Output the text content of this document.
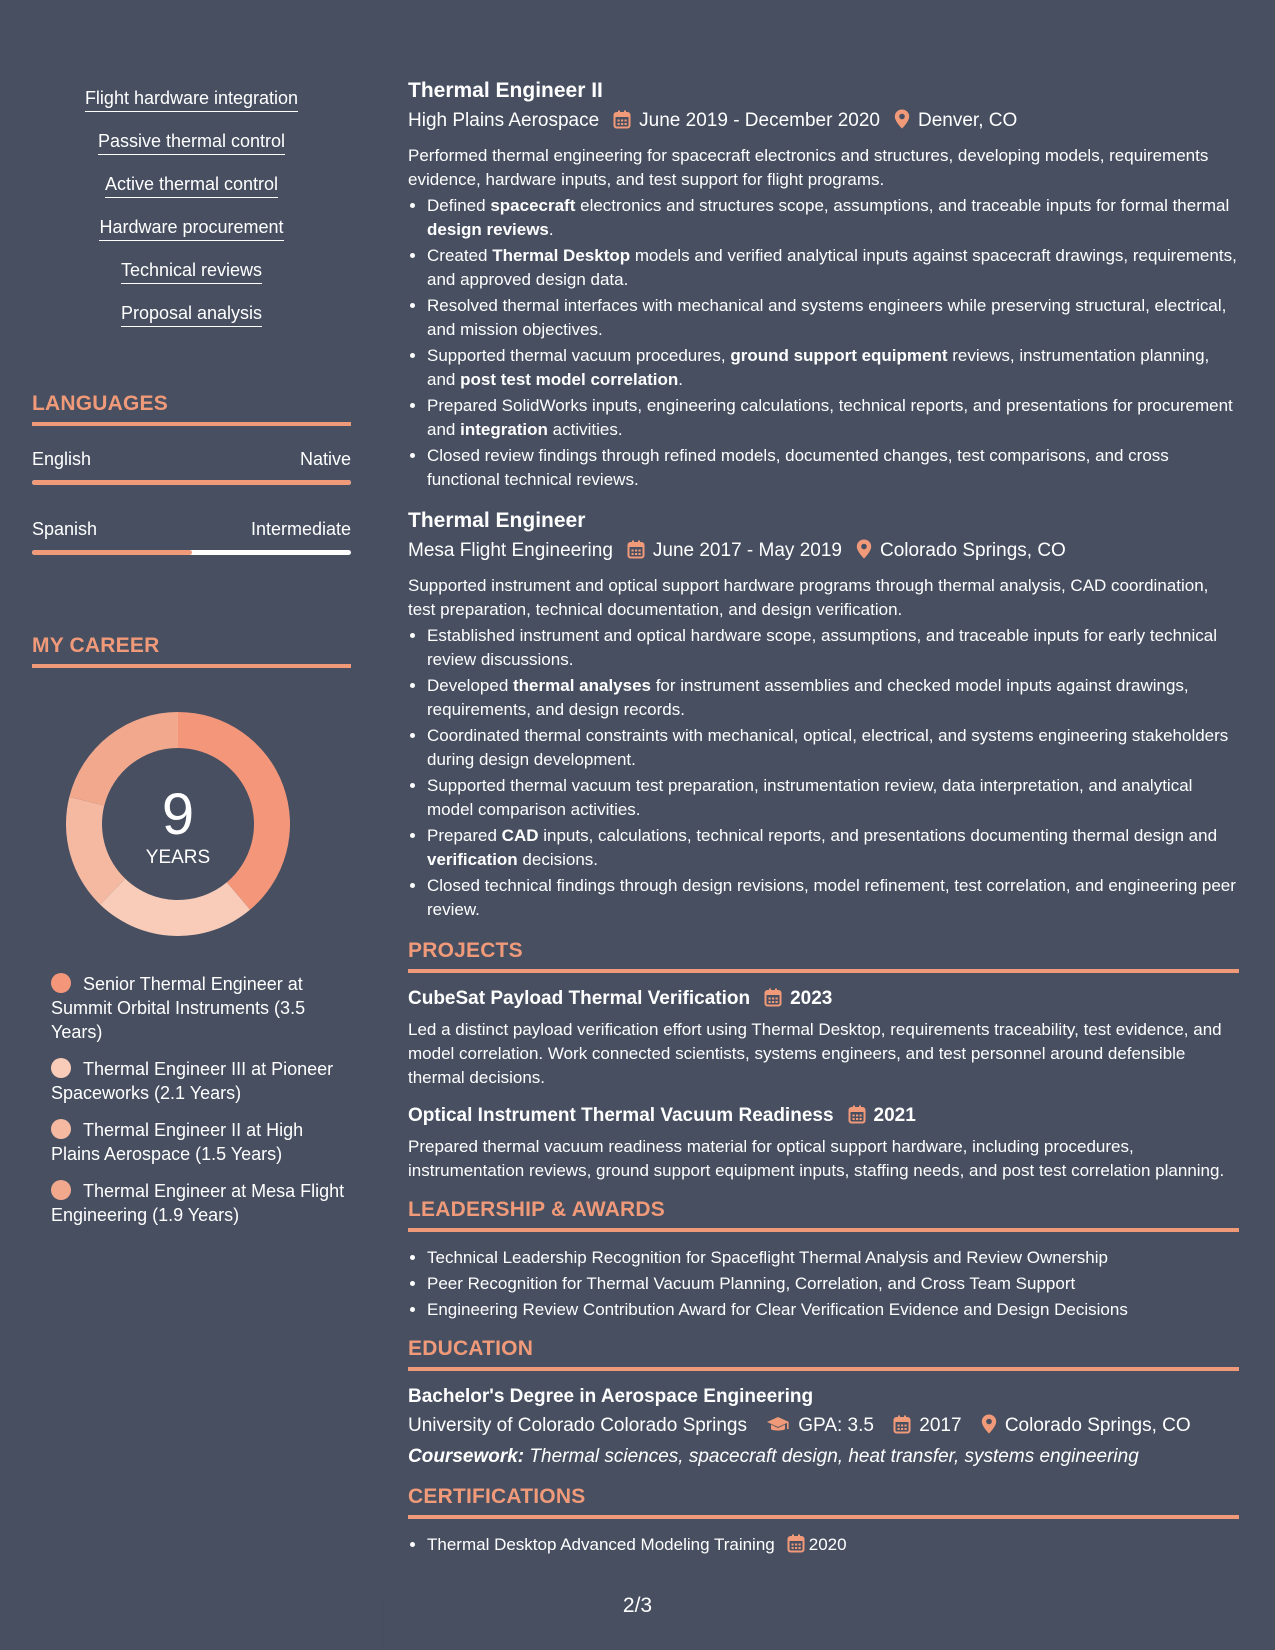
Flight hardware integration
Passive thermal control
Active thermal control
Hardware procurement
Technical reviews
Proposal analysis
LANGUAGES
English	Native
Spanish	Intermediate
MY CAREER
9
YEARS
Senior Thermal Engineer at Summit Orbital Instruments (3.5 Years)
Thermal Engineer III at Pioneer Spaceworks (2.1 Years)
Thermal Engineer II at High Plains Aerospace (1.5 Years)
Thermal Engineer at Mesa Flight Engineering (1.9 Years)
Thermal Engineer II
High Plains Aerospace June 2019 - December 2020 Denver, CO
Performed thermal engineering for spacecraft electronics and structures, developing models, requirements evidence, hardware inputs, and test support for flight programs.
• Defined spacecraft electronics and structures scope, assumptions, and traceable inputs for formal thermal design reviews.
• Created Thermal Desktop models and verified analytical inputs against spacecraft drawings, requirements, and approved design data.
• Resolved thermal interfaces with mechanical and systems engineers while preserving structural, electrical, and mission objectives.
• Supported thermal vacuum procedures, ground support equipment reviews, instrumentation planning, and post test model correlation.
• Prepared SolidWorks inputs, engineering calculations, technical reports, and presentations for procurement and integration activities.
• Closed review findings through refined models, documented changes, test comparisons, and cross functional technical reviews.
Thermal Engineer
Mesa Flight Engineering June 2017 - May 2019 Colorado Springs, CO
Supported instrument and optical support hardware programs through thermal analysis, CAD coordination, test preparation, technical documentation, and design verification.
• Established instrument and optical hardware scope, assumptions, and traceable inputs for early technical review discussions.
• Developed thermal analyses for instrument assemblies and checked model inputs against drawings, requirements, and design records.
• Coordinated thermal constraints with mechanical, optical, electrical, and systems engineering stakeholders during design development.
• Supported thermal vacuum test preparation, instrumentation review, data interpretation, and analytical model comparison activities.
• Prepared CAD inputs, calculations, technical reports, and presentations documenting thermal design and verification decisions.
• Closed technical findings through design revisions, model refinement, test correlation, and engineering peer review.
PROJECTS
CubeSat Payload Thermal Verification 2023
Led a distinct payload verification effort using Thermal Desktop, requirements traceability, test evidence, and model correlation. Work connected scientists, systems engineers, and test personnel around defensible thermal decisions.
Optical Instrument Thermal Vacuum Readiness 2021
Prepared thermal vacuum readiness material for optical support hardware, including procedures, instrumentation reviews, ground support equipment inputs, staffing needs, and post test correlation planning.
LEADERSHIP & AWARDS
• Technical Leadership Recognition for Spaceflight Thermal Analysis and Review Ownership
• Peer Recognition for Thermal Vacuum Planning, Correlation, and Cross Team Support
• Engineering Review Contribution Award for Clear Verification Evidence and Design Decisions
EDUCATION
Bachelor's Degree in Aerospace Engineering
University of Colorado Colorado Springs	GPA: 3.5 2017 Colorado Springs, CO
Coursework: Thermal sciences, spacecraft design, heat transfer, systems engineering
CERTIFICATIONS
• Thermal Desktop Advanced Modeling Training 2020
2/3
